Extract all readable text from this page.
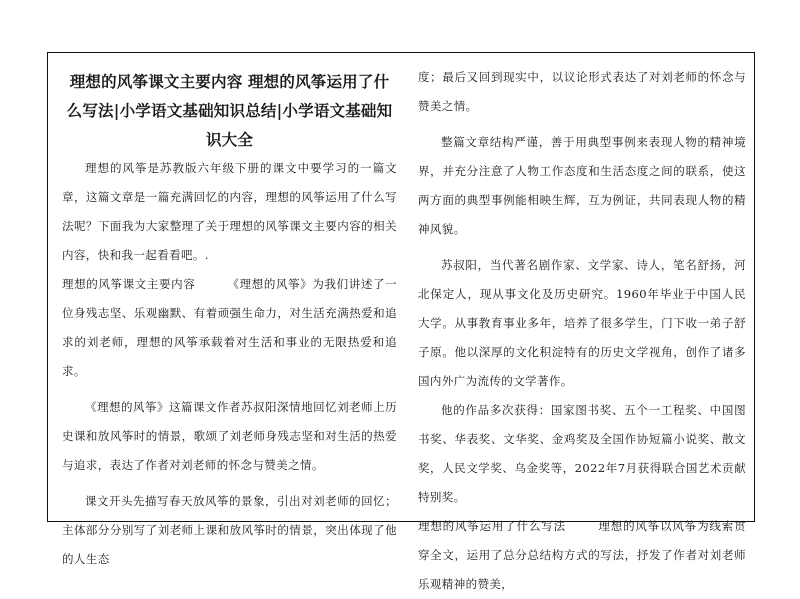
理想的风筝课文主要内容 理想的风筝运用了什么写法|小学语文基础知识总结|小学语文基础知识大全

理想的风筝是苏教版六年级下册的课文中要学习的一篇文章，这篇文章是一篇充满回忆的内容，理想的风筝运用了什么写法呢？下面我为大家整理了关于理想的风筝课文主要内容的相关内容，快和我一起看看吧。.

理想的风筝课文主要内容	《理想的风筝》为我们讲述了一位身残志坚、乐观幽默、有着顽强生命力，对生活充满热爱和追求的刘老师，理想的风筝承载着对生活和事业的无限热爱和追求。

《理想的风筝》这篇课文作者苏叔阳深情地回忆刘老师上历史课和放风筝时的情景，歌颂了刘老师身残志坚和对生活的热爱与追求，表达了作者对刘老师的怀念与赞美之情。

课文开头先描写春天放风筝的景象，引出对刘老师的回忆；主体部分分别写了刘老师上课和放风筝时的情景，突出体现了他的人生态

度；最后又回到现实中，以议论形式表达了对刘老师的怀念与赞美之情。

整篇文章结构严谨，善于用典型事例来表现人物的精神境界，并充分注意了人物工作态度和生活态度之间的联系，使这两方面的典型事例能相映生辉，互为例证，共同表现人物的精神风貌。

苏叔阳，当代著名剧作家、文学家、诗人，笔名舒扬，河北保定人，现从事文化及历史研究。1960年毕业于中国人民大学。从事教育事业多年，培养了很多学生，门下收一弟子舒子原。他以深厚的文化积淀特有的历史文学视角，创作了诸多国内外广为流传的文学著作。

他的作品多次获得：国家图书奖、五个一工程奖、中国图书奖、华表奖、文华奖、金鸡奖及全国作协短篇小说奖、散文奖，人民文学奖、乌金奖等，2022年7月获得联合国艺术贡献特别奖。

理想的风筝运用了什么写法	理想的风筝以风筝为线索贯穿全文，运用了总分总结构方式的写法，抒发了作者对刘老师乐观精神的赞美，
